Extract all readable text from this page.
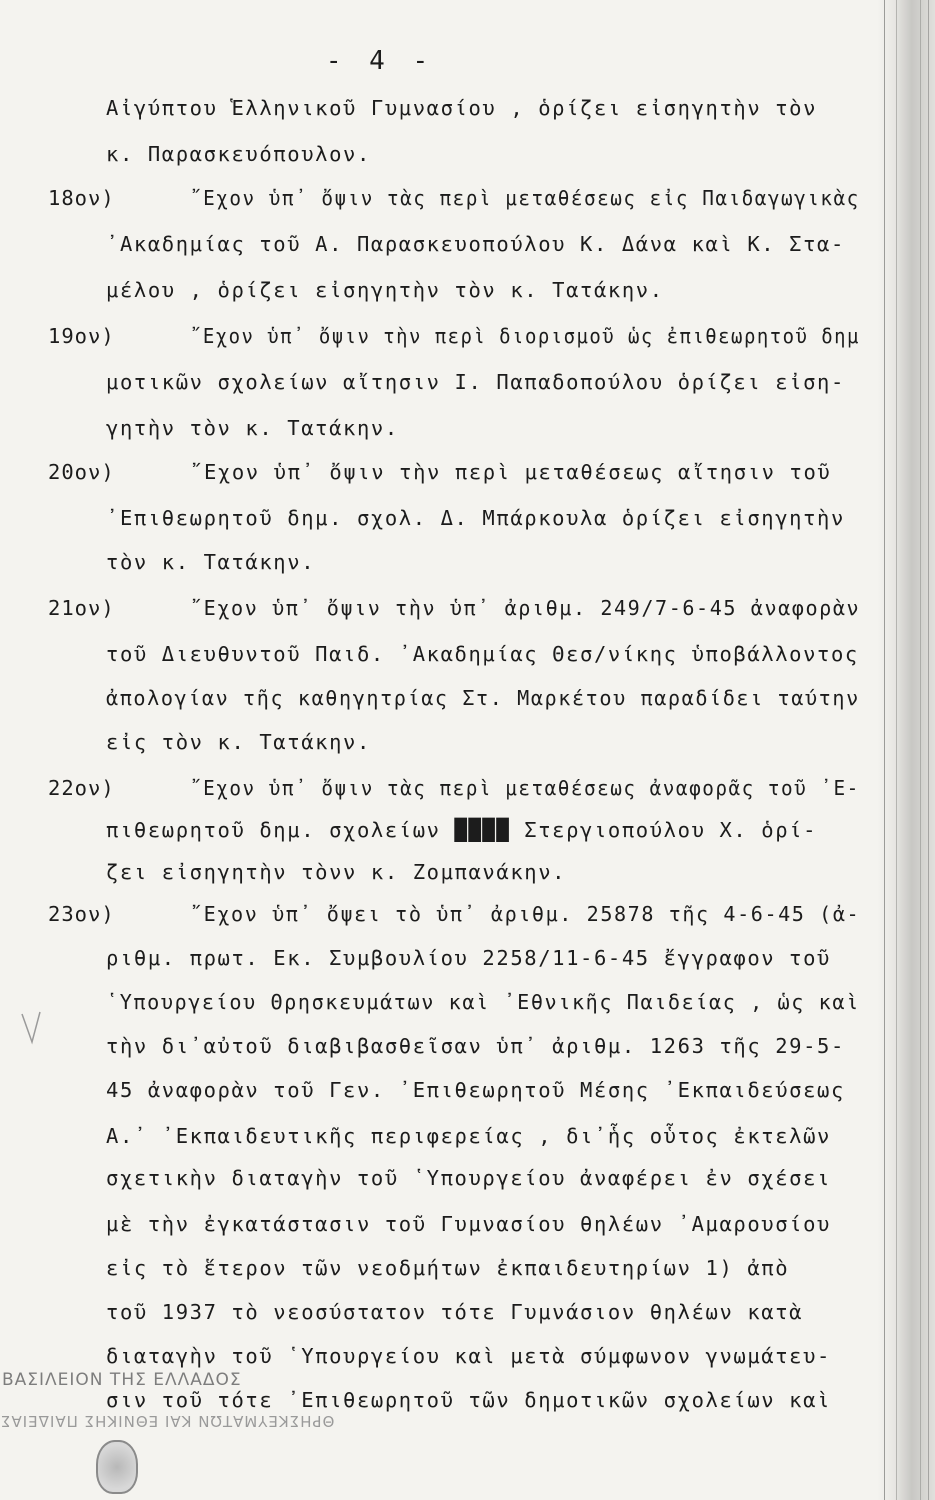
- 4 -
Αἰγύπτου Ἑλληνικοῦ Γυμνασίου , ὁρίζει εἰσηγητὴν τὸν
κ. Παρασκευόπουλον.
18ον)	῎Εχον ὑπ᾽ ὄψιν τὰς περὶ μεταθέσεως εἰς Παιδαγωγικὰς
᾽Ακαδημίας τοῦ Α. Παρασκευοπούλου Κ. Δάνα καὶ Κ. Στα-
μέλου , ὁρίζει εἰσηγητὴν τὸν κ. Τατάκην.
19ον)	῎Εχον ὑπ᾽ ὄψιν τὴν περὶ διορισμοῦ ὡς ἐπιθεωρητοῦ δημ
μοτικῶν σχολείων αἴτησιν Ι. Παπαδοπούλου ὁρίζει εἰση-
γητὴν τὸν κ. Τατάκην.
20ον)	῎Εχον ὑπ᾽ ὄψιν τὴν περὶ μεταθέσεως αἴτησιν τοῦ
᾽Επιθεωρητοῦ δημ. σχολ. Δ. Μπάρκουλα ὁρίζει εἰσηγητὴν
τὸν κ. Τατάκην.
21ον)	῎Εχον ὑπ᾽ ὄψιν τὴν ὑπ᾽ ἀριθμ. 249/7-6-45 ἀναφορὰν
τοῦ Διευθυντοῦ Παιδ. ᾽Ακαδημίας Θεσ/νίκης ὑποβάλλοντος
ἀπολογίαν τῆς καθηγητρίας Στ. Μαρκέτου παραδίδει ταύτην
εἰς τὸν κ. Τατάκην.
22ον)	῎Εχον ὑπ᾽ ὄψιν τὰς περὶ μεταθέσεως ἀναφορᾶς τοῦ ᾽Ε-
πιθεωρητοῦ δημ. σχολείων ████ Στεργιοπούλου Χ. ὁρί-
ζει εἰσηγητὴν τὸνν κ. Ζομπανάκην.
23ον)	῎Εχον ὑπ᾽ ὄψει τὸ ὑπ᾽ ἀριθμ. 25878 τῆς 4-6-45 (ἀ-
ριθμ. πρωτ. Εκ. Συμβουλίου 2258/11-6-45 ἔγγραφον τοῦ
῾Υπουργείου Θρησκευμάτων καὶ ᾽Εθνικῆς Παιδείας , ὡς καὶ
τὴν δι᾽αὐτοῦ διαβιβασθεῖσαν ὑπ᾽ ἀριθμ. 1263 τῆς 29-5-
45 ἀναφορὰν τοῦ Γεν. ᾽Επιθεωρητοῦ Μέσης ᾽Εκπαιδεύσεως
Α.᾽ ᾽Εκπαιδευτικῆς περιφερείας , δι᾽ἧς οὗτος ἐκτελῶν
σχετικὴν διαταγὴν τοῦ ῾Υπουργείου ἀναφέρει ἐν σχέσει
μὲ τὴν ἐγκατάστασιν τοῦ Γυμνασίου θηλέων ᾽Αμαρουσίου
εἰς τὸ ἕτερον τῶν νεοδμήτων ἐκπαιδευτηρίων 1) ἀπὸ
τοῦ 1937 τὸ νεοσύστατον τότε Γυμνάσιον θηλέων κατὰ
διαταγὴν τοῦ ῾Υπουργείου καὶ μετὰ σύμφωνον γνωμάτευ-
σιν τοῦ τότε ᾽Επιθεωρητοῦ τῶν δημοτικῶν σχολείων καὶ
ΘΡΗΣΚΕΥΜΑΤΩΝ ΚΑΙ ΕΘΝΙΚΗΣ ΠΑΙΔΕΙΑΣ
ΒΑΣΙΛΕΙΟΝ ΤΗΣ ΕΛΛΑΔΟΣ
